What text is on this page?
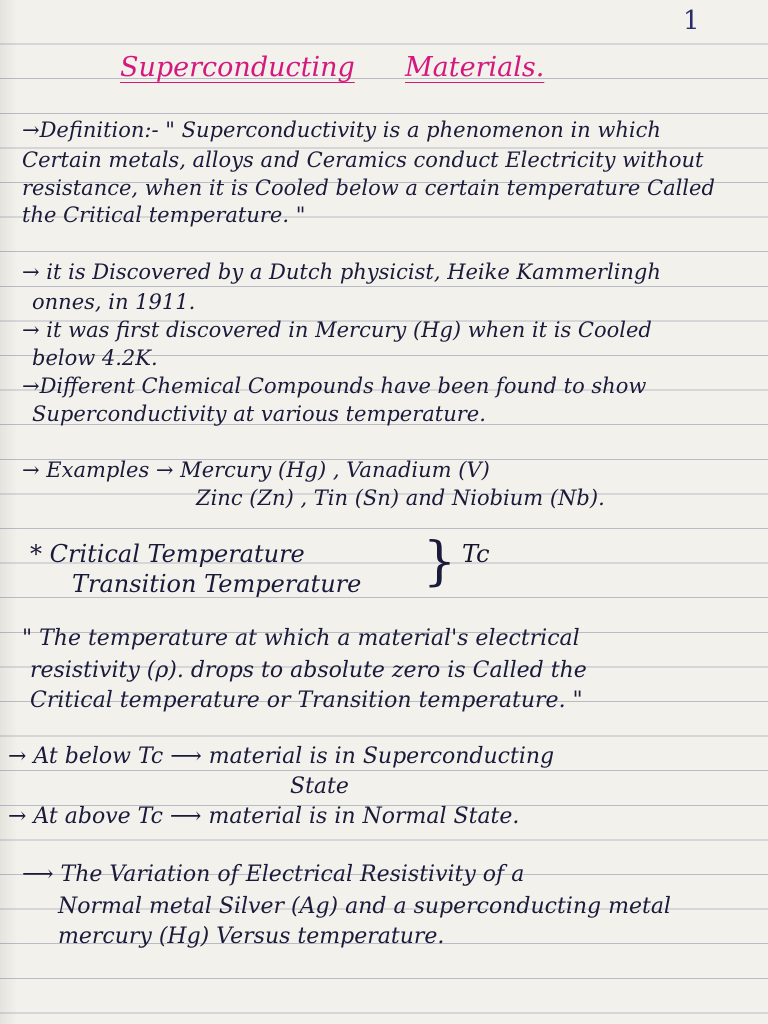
1
Superconducting Materials.
→Definition:- " Superconductivity is a phenomenon in which
Certain metals, alloys and Ceramics conduct Electricity without
resistance, when it is Cooled below a certain temperature Called
the Critical temperature. "
→ it is Discovered by a Dutch physicist, Heike Kammerlingh
onnes, in 1911.
→ it was first discovered in Mercury (Hg) when it is Cooled
below 4.2K.
→Different Chemical Compounds have been found to show
Superconductivity at various temperature.
→ Examples → Mercury (Hg) , Vanadium (V)
Zinc (Zn) , Tin (Sn) and Niobium (Nb).
* Critical Temperature
Transition Temperature } Tc
" The temperature at which a material's electrical
resistivity (ρ). drops to absolute zero is Called the
Critical temperature or Transition temperature. "
→ At below Tc ⟶ material is in Superconducting
State
→ At above Tc ⟶ material is in Normal State.
⟶ The Variation of Electrical Resistivity of a
Normal metal Silver (Ag) and a superconducting metal
mercury (Hg) Versus temperature.
